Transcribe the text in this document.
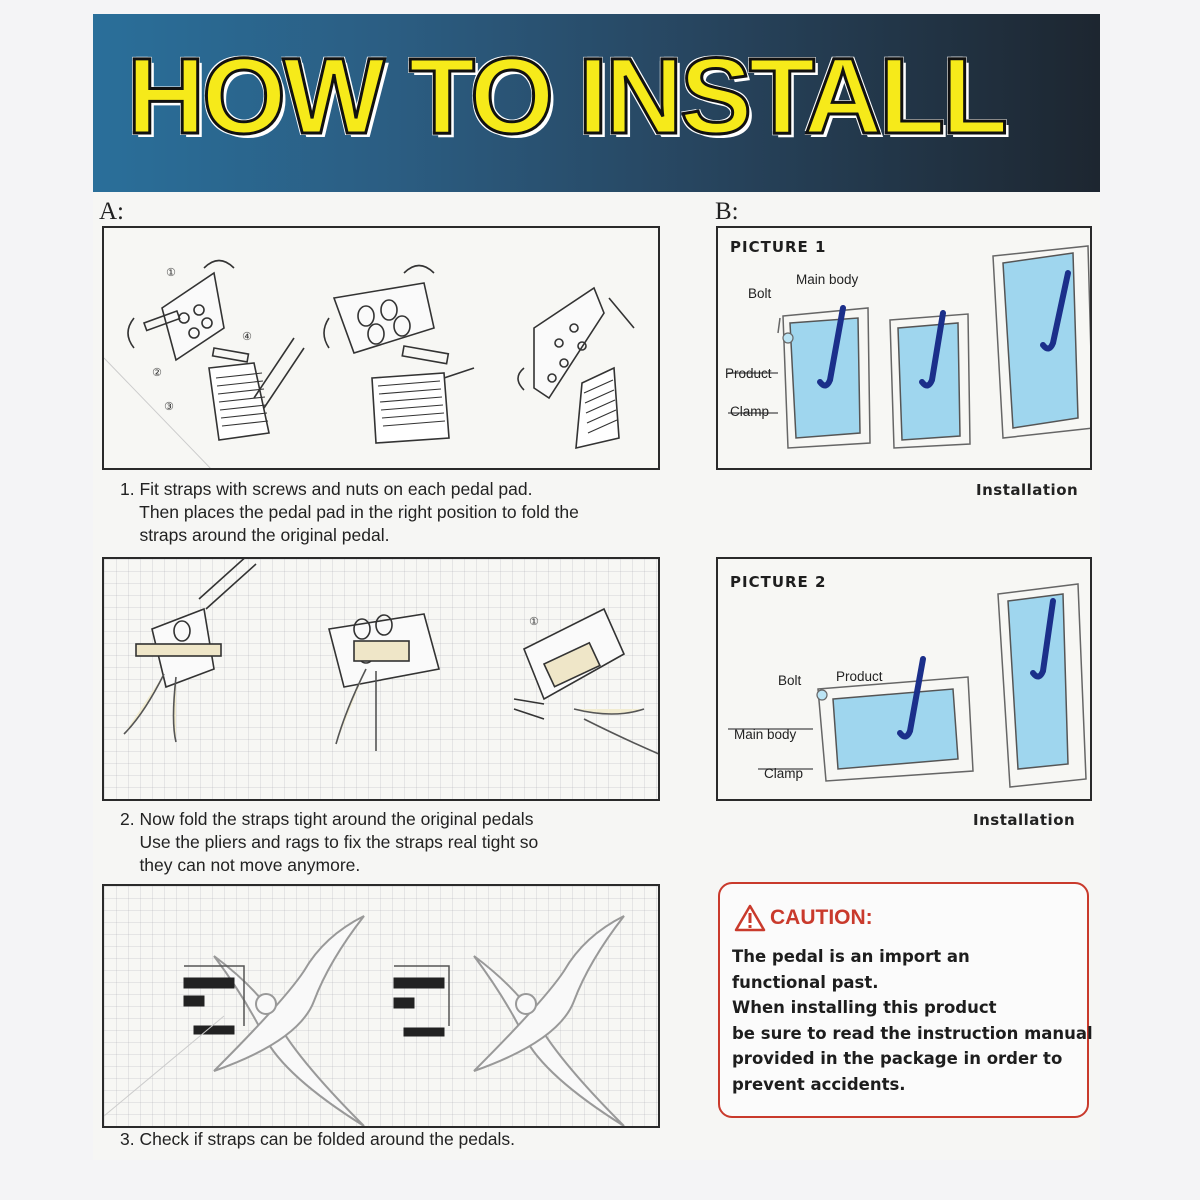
HOW TO INSTALL
A:	B:
①
②
③
④
1. Fit straps with screws and nuts on each pedal pad.
Then places the pedal pad in the right position to fold the
straps around the original pedal.
①
2. Now fold the straps tight around the original pedals
Use the pliers and rags to fix the straps real tight so
they can not move anymore.
3. Check if straps can be folded around the pedals.
PICTURE 1
Bolt
Main body
Product
Clamp
Installation
PICTURE 2
Bolt	Product
Main body
Clamp
Installation
CAUTION:
The pedal is an import an
functional past.
When installing this product
be sure to read the instruction manual
provided in the package in order to
prevent accidents.
